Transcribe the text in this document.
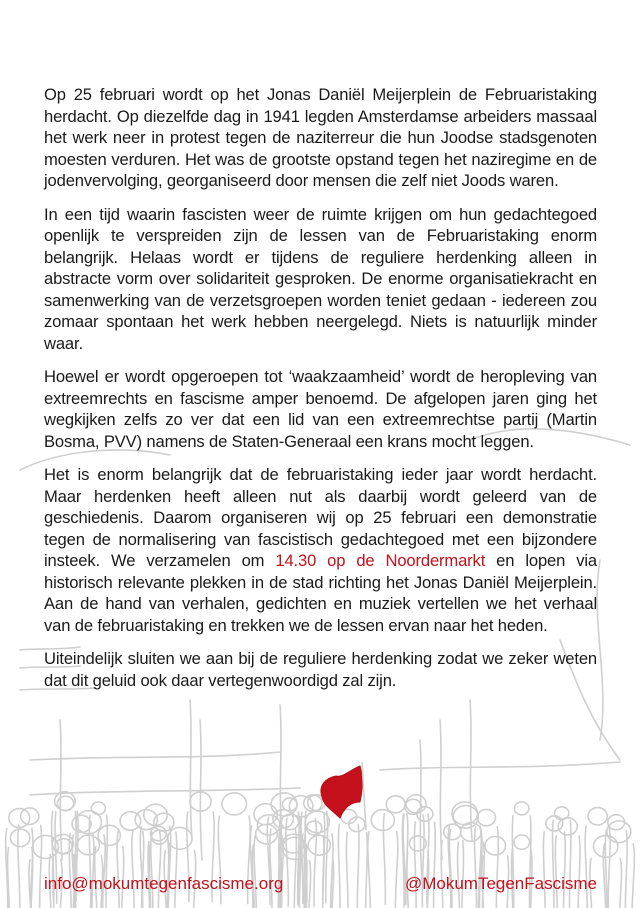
Op 25 februari wordt op het Jonas Daniël Meijerplein de Februaristaking herdacht. Op diezelfde dag in 1941 legden Amsterdamse arbeiders massaal het werk neer in protest tegen de naziterreur die hun Joodse stadsgenoten moesten verduren. Het was de grootste opstand tegen het naziregime en de jodenvervolging, georganiseerd door mensen die zelf niet Joods waren.

In een tijd waarin fascisten weer de ruimte krijgen om hun gedachtegoed openlijk te verspreiden zijn de lessen van de Februaristaking enorm belangrijk. Helaas wordt er tijdens de reguliere herdenking alleen in abstracte vorm over solidariteit gesproken. De enorme organisatiekracht en samenwerking van de verzetsgroepen worden teniet gedaan - iedereen zou zomaar spontaan het werk hebben neergelegd. Niets is natuurlijk minder waar.

Hoewel er wordt opgeroepen tot ‘waakzaamheid’ wordt de heropleving van extreemrechts en fascisme amper benoemd. De afgelopen jaren ging het wegkijken zelfs zo ver dat een lid van een extreemrechtse partij (Martin Bosma, PVV) namens de Staten-Generaal een krans mocht leggen.

Het is enorm belangrijk dat de februaristaking ieder jaar wordt herdacht. Maar herdenken heeft alleen nut als daarbij wordt geleerd van de geschiedenis. Daarom organiseren wij op 25 februari een demonstratie tegen de normalisering van fascistisch gedachtegoed met een bijzondere insteek. We verzamelen om 14.30 op de Noordermarkt en lopen via historisch relevante plekken in de stad richting het Jonas Daniël Meijerplein. Aan de hand van verhalen, gedichten en muziek vertellen we het verhaal van de februaristaking en trekken we de lessen ervan naar het heden.

Uiteindelijk sluiten we aan bij de reguliere herdenking zodat we zeker weten dat dit geluid ook daar vertegenwoordigd zal zijn.

info@mokumtegenfascisme.org	@MokumTegenFascisme
